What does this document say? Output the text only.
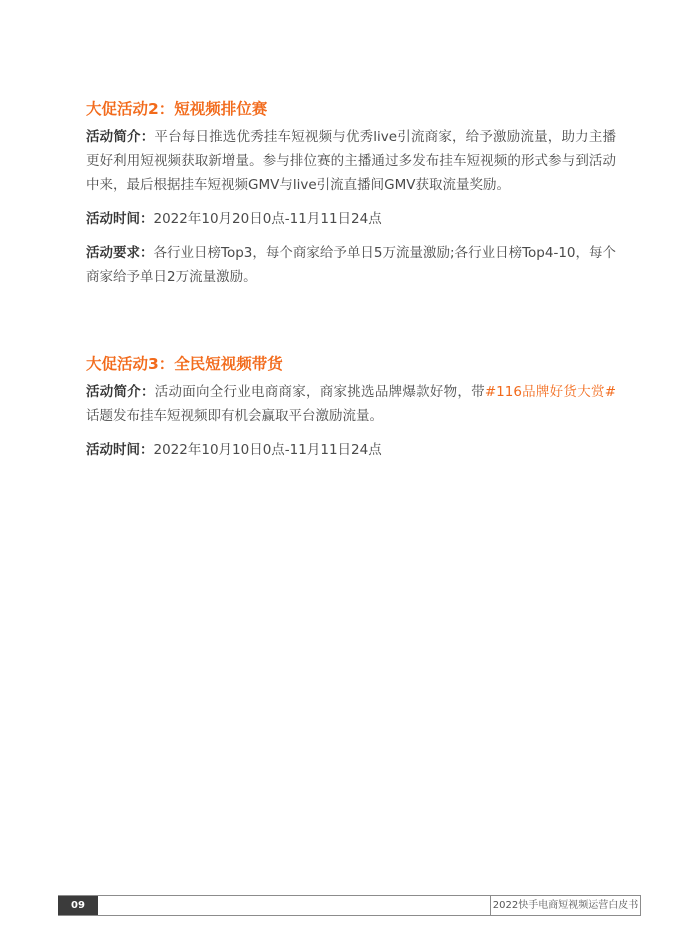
大促活动2：短视频排位赛

活动简介：平台每日推选优秀挂车短视频与优秀live引流商家，给予激励流量，助力主播更好利用短视频获取新增量。参与排位赛的主播通过多发布挂车短视频的形式参与到活动中来，最后根据挂车短视频GMV与live引流直播间GMV获取流量奖励。

活动时间：2022年10月20日0点-11月11日24点

活动要求：各行业日榜Top3，每个商家给予单日5万流量激励;各行业日榜Top4-10，每个商家给予单日2万流量激励。

大促活动3：全民短视频带货

活动简介：活动面向全行业电商商家，商家挑选品牌爆款好物，带#116品牌好货大赏#话题发布挂车短视频即有机会赢取平台激励流量。

活动时间：2022年10月10日0点-11月11日24点

09	2022快手电商短视频运营白皮书
